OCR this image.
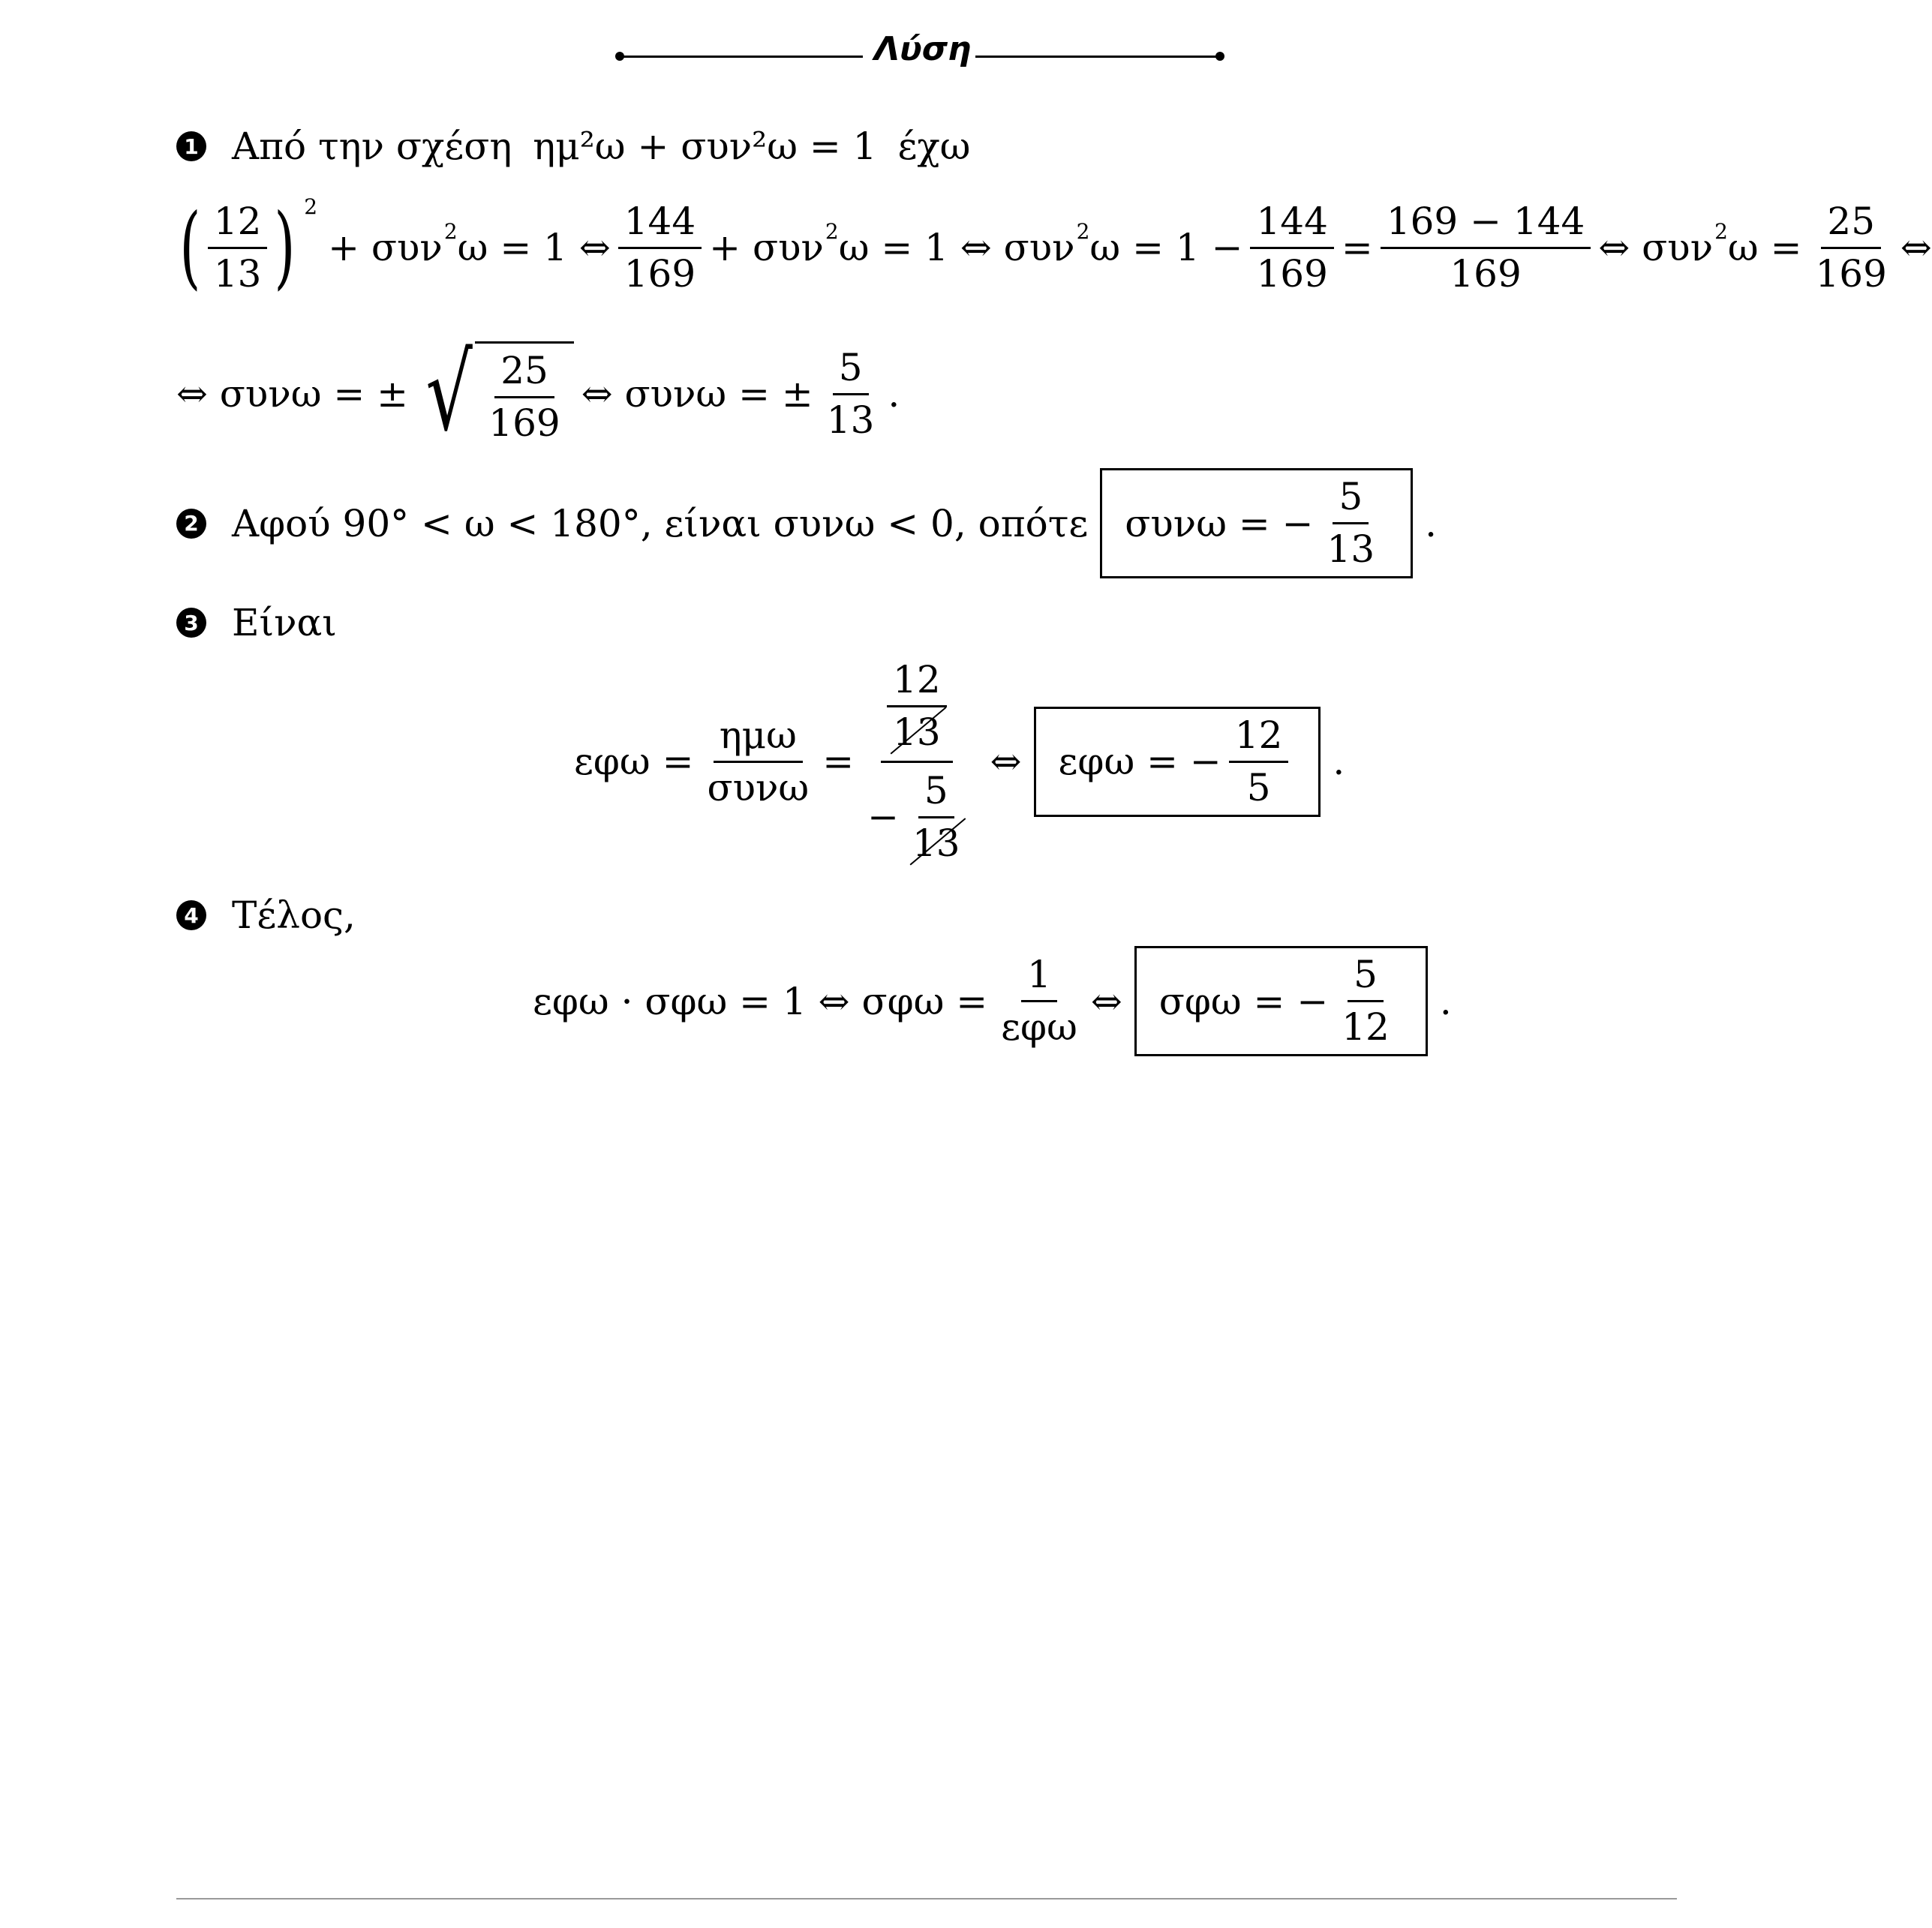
Λύση
1 Από την σχέση ημ²ω + συν²ω = 1 έχω
( $\frac{12}{13}$ ) 2
+ συν 2 ω = 1 ⇔ $\frac{144}{169} + \sigma\upsilon\nu$ 2 ω = 1 ⇔ συν 2 $\omega = 1 - \frac{144}{169} = \frac{169 - 144}{169}$ ⇔ συν 2 $\omega = \frac{25}{169}$ ⇔
⇔ συνω = ± √ $\frac{25}{169}$ ⇔ συνω = ± $\frac{5}{13}$ .
2 Αφού 90° < ω < 180°, είναι συνω < 0, οπότε συνω = − $\frac{5}{13}$ .
3 Είναι
$\varepsilon\varphi\omega = \frac{\text{ημω}}{\text{συνω}} = \frac{\frac{12}{13}}{- \frac{5}{13}}$ ⇔ εφω = − $\frac{12}{5}$ .
4 Τέλος,
εφω · σφω = 1 ⇔ $\sigma\varphi\omega = \frac{1}{\text{εφω}}$ ⇔ σφω = − $\frac{5}{12}$ .
